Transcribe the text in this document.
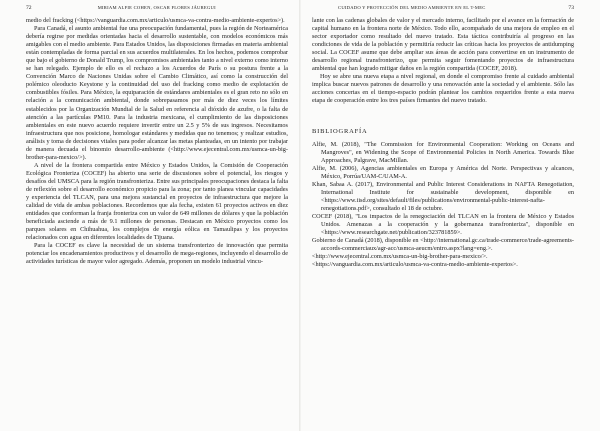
72	MIRIAM ALFIE COHEN, OSCAR FLORES JÁUREGUI

medio del fracking (<https://vanguardia.com.mx/articulo/usmca-va-contra-medio-ambiente-expertos>).

Para Canadá, el asunto ambiental fue una preocupación fundamental, pues la región de Norteamérica debería regirse por medidas orientadas hacia el desarrollo sustentable, con modelos económicos más amigables con el medio ambiente. Para Estados Unidos, las disposiciones firmadas en materia ambiental están contempladas de forma parcial en sus acuerdos multilaterales. En los hechos, podemos comprobar que bajo el gobierno de Donald Trump, los compromisos ambientales tanto a nivel externo como interno se han relegado. Ejemplo de ello es el rechazo a los Acuerdos de París o su postura frente a la Convención Marco de Naciones Unidas sobre el Cambio Climático, así como la construcción del polémico oleoducto Keystone y la continuidad del uso del fracking como medio de explotación de combustibles fósiles. Para México, la equiparación de estándares ambientales es el gran reto no sólo en relación a la comunicación ambiental, donde sobrepasamos por más de diez veces los límites establecidos por la Organización Mundial de la Salud en referencia al dióxido de azufre, o la falta de atención a las partículas PM10. Para la industria mexicana, el cumplimiento de las disposiciones ambientales en este nuevo acuerdo requiere invertir entre un 2.5 y 5% de sus ingresos. Necesitamos infraestructura que nos posicione, homologar estándares y medidas que no tenemos; y realizar estudios, análisis y toma de decisiones vitales para poder alcanzar las metas planteadas, en un intento por trabajar de manera decuada el binomio desarrollo-ambiente (<http://www.ejecentral.com.mx/usmca-un-big-brother-para-mexico/>).

A nivel de la frontera compartida entre México y Estados Unidos, la Comisión de Cooperación Ecológica Fronteriza (COCEF) ha abierto una serie de discusiones sobre el potencial, los riesgos y desafíos del UMSCA para la región transfronteriza. Entre sus principales preocupaciones destaca la falta de reflexión sobre el desarrollo económico propicio para la zona; por tanto planea vincular capacidades y experiencia del TLCAN, para una mejora sustancial en proyectos de infraestructura que mejore la calidad de vida de ambas poblaciones. Recordemos que ala fecha, existen 61 proyectos activos en diez entidades que conforman la franja fronteriza con un valor de 649 millones de dólares y que la población beneficiada asciende a más de 9.1 millones de personas. Destacan en México proyectos como los parques solares en Chihuahua, los complejos de energía eólica en Tamaulipas y los proyectos relacionados con agua en diferentes localidades de Tijuana.

Para la COCEF es clave la necesidad de un sistema transfronterizo de innovación que permita potenciar los encadenamientos productivos y el desarrollo de mega-regiones, incluyendo el desarrollo de actividades turísticas de mayor valor agregado. Además, proponen un modelo industrial vincu-

CUIDADO Y PROTECCIÓN DEL MEDIO AMBIENTE EN EL T-MEC	73

lante con las cadenas globales de valor y el mercado interno, facilitado por el avance en la formación de capital humano en la frontera norte de México. Todo ello, acompañado de una mejora de empleo en el sector exportador como resultado del nuevo tratado. Esta táctica contribuiría al progreso en las condiciones de vida de la población y permitiría reducir las críticas hacia los proyectos de antidumping social. La COCEF asume que debe ampliar sus áreas de acción para convertirse en un instrumento de desarrollo regional transfronterizo, que permita seguir fomentando proyectos de infraestructura ambiental que han logrado mitigar daños en la región compartida (COCEF, 2018).

Hoy se abre una nueva etapa a nivel regional, en donde el compromiso frente al cuidado ambiental implica buscar nuevos patrones de desarrollo y una renovación ante la sociedad y el ambiente. Sólo las acciones concertas en el tiempo-espacio podrán plantear los cambios requeridos frente a esta nueva etapa de cooperación entre los tres países firmantes del nuevo tratado.

BIBLIOGRAFÍA
Alfie, M. (2018), "The Commission for Environmental Cooperation: Working on Oceans and Mangroves", en Widening the Scope of Environmental Policies in North America. Towards Blue Approaches, Palgrave, MacMillan.
Alfie, M. (2006), Agencias ambientales en Europa y América del Norte. Perspectivas y alcances, México, Porrúa/UAM-C/UAM-A.
Khan, Sabaa A. (2017), Environmental and Public Interest Considerations in NAFTA Renegotiation, International Institute for sustainable development, disponible en <https://www.iisd.org/sites/default/files/publications/environmental-public-interest-nafta-renegotiations.pdf>, consultado el 18 de octubre.
COCEF (2018), "Los impactos de la renegociación del TLCAN en la frontera de México y Estados Unidos. Amenazas a la cooperación y la gobernanza transfronteriza", disponible en <https://www.researchgate.net/publication/323781859>.
Gobierno de Canadá (2018), disponible en <http://international.gc.ca/trade-commerce/trade-agreements-accords-commerciaux/agr-acc/usmca-aeucm/entro.aspx?lang=eng.>.
<http://www.ejecentral.com.mx/usmca-un-big-brother-para-mexico/>.
<https://vanguardia.com.mx/articulo/usmca-va-contra-medio-ambiente-expertos>.
